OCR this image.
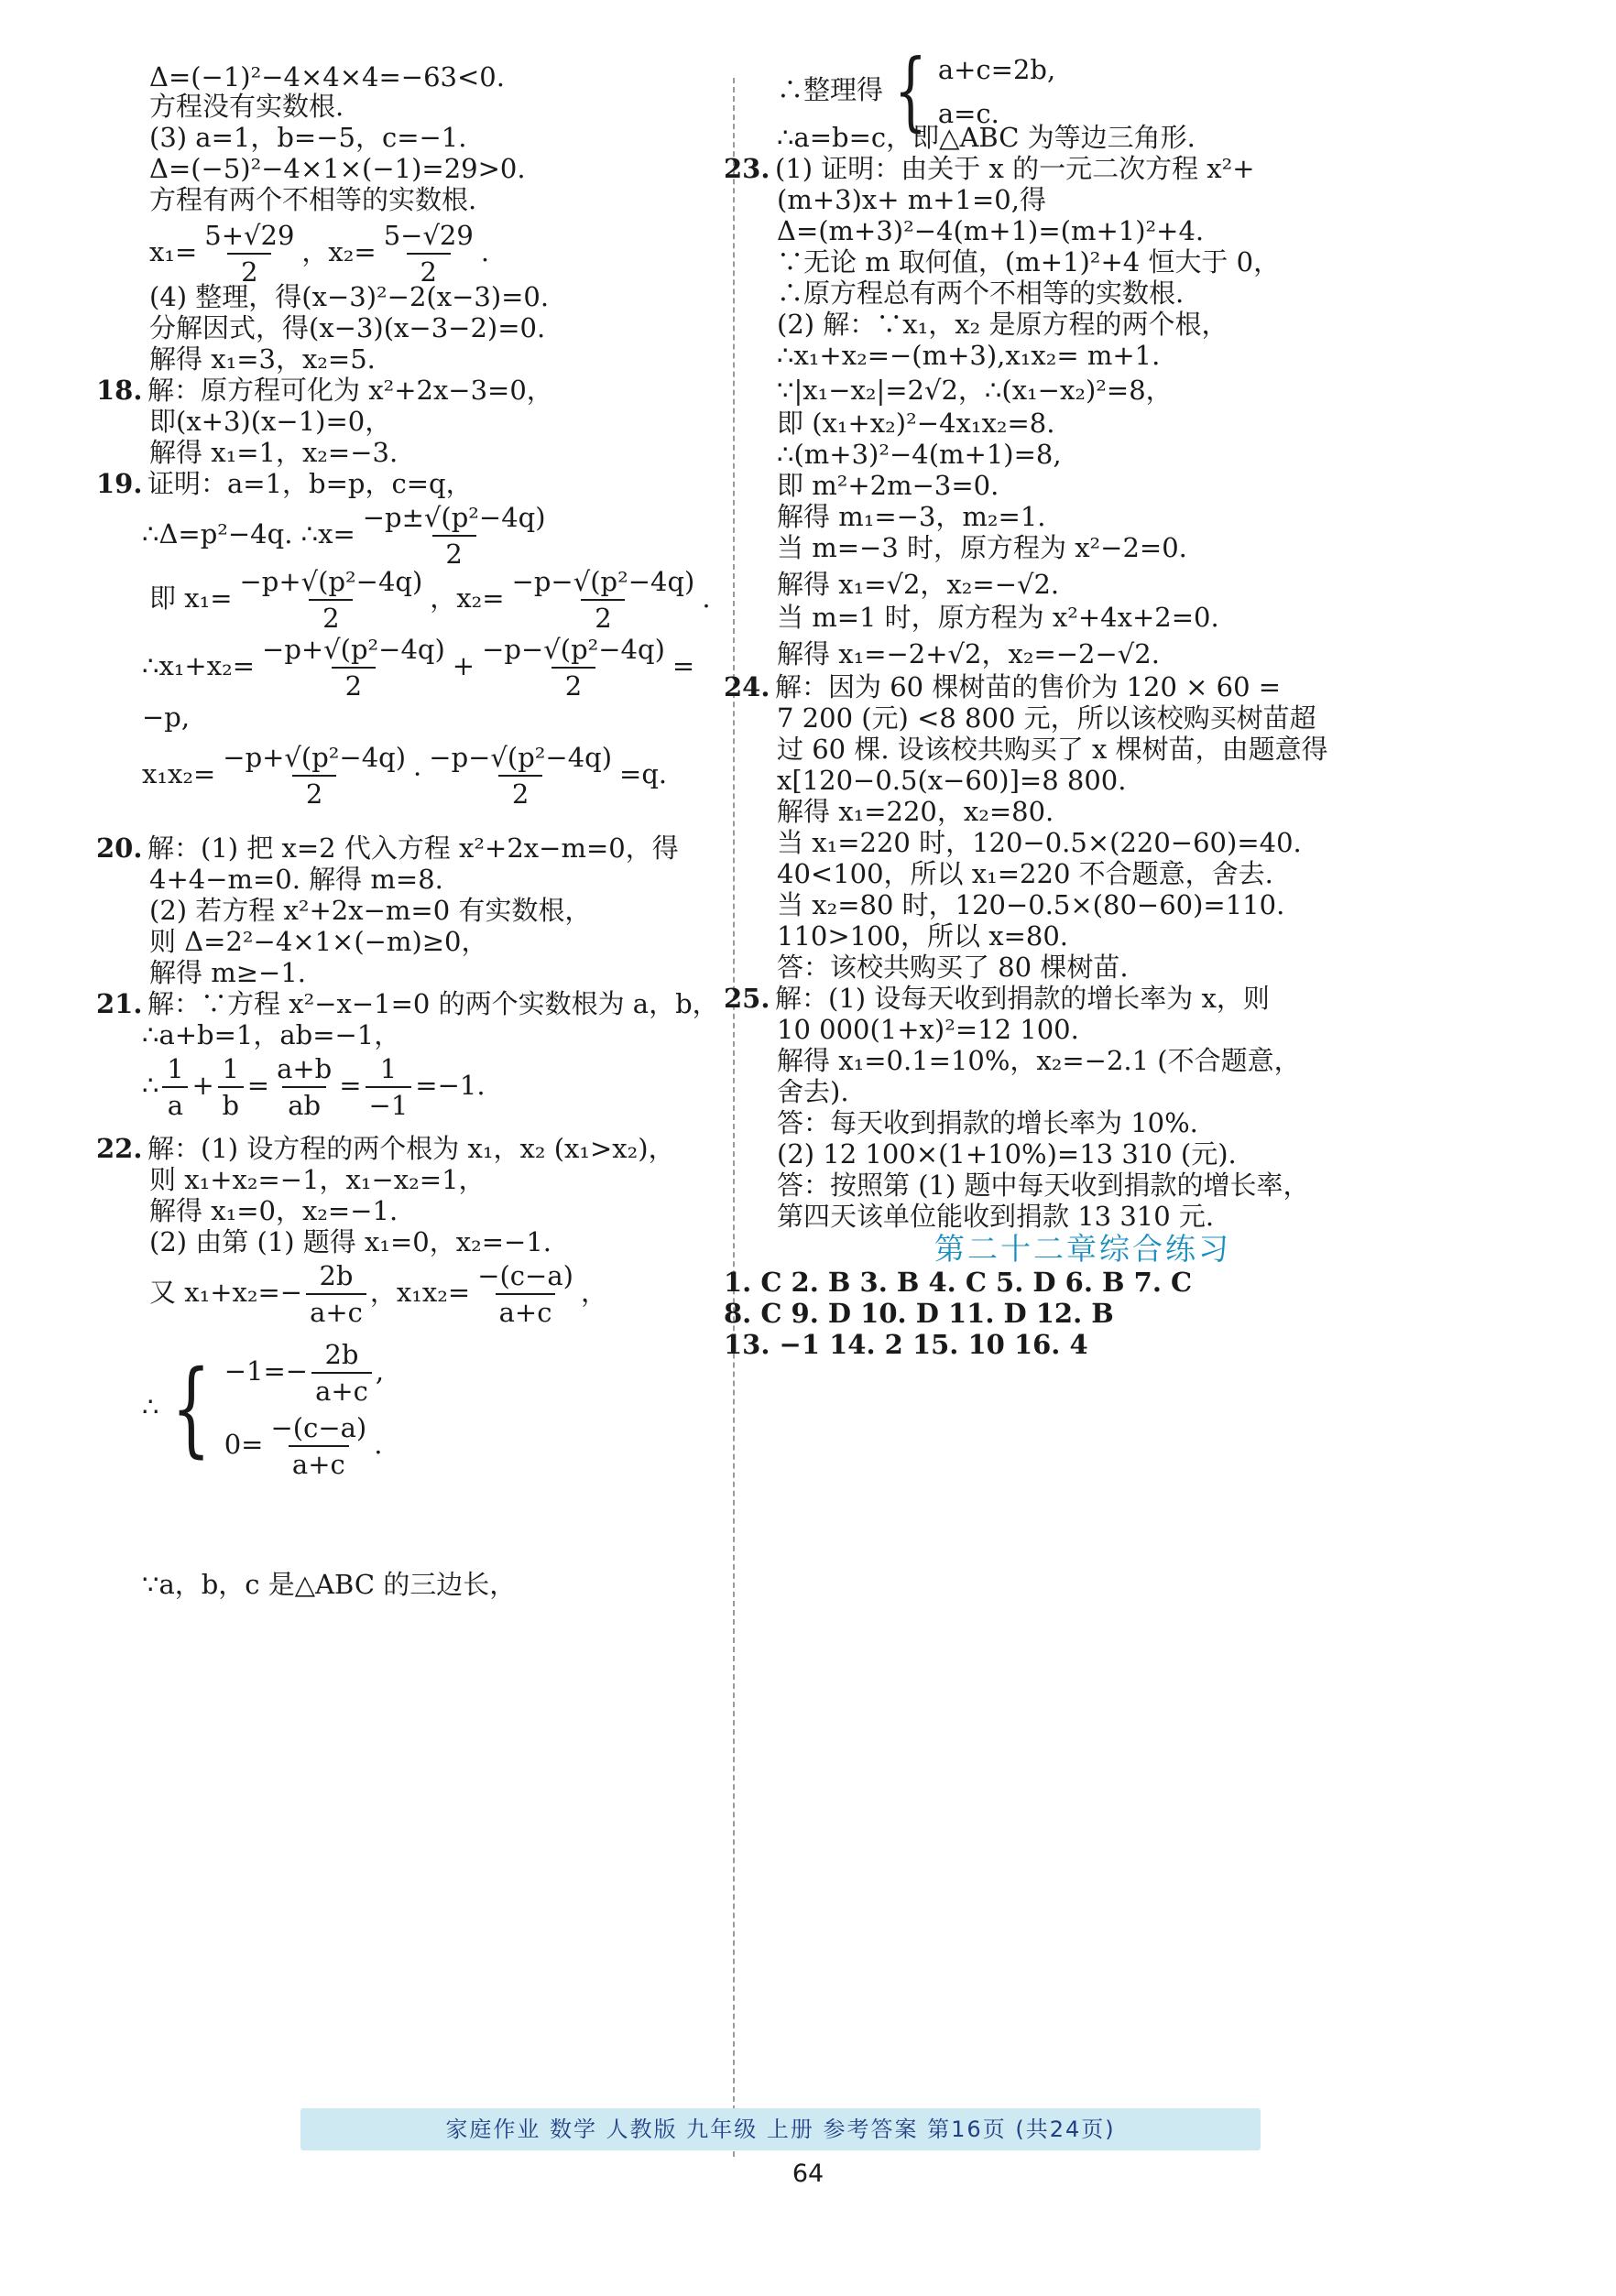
Δ=(−1)²−4×4×4=−63<0.
方程没有实数根.
(3) a=1，b=−5，c=−1.
Δ=(−5)²−4×1×(−1)=29>0.
方程有两个不相等的实数根.
$x_1= \frac{5+√29}{2}$ ，$x_2= \frac{5-√29}{2}$ .
(4) 整理，得(x−3)²−2(x−3)=0.
分解因式，得(x−3)(x−3−2)=0.
解得 x₁=3，x₂=5.
18. 解：原方程可化为 x²+2x−3=0，
即(x+3)(x−1)=0，
解得 x₁=1，x₂=−3.
19. 证明：a=1，b=p，c=q，
∴Δ=p²−4q. ∴x= $\frac{\text{−p±√(p²−4q)}}{2}$
即 $x_1= \frac{\text{−p+√(p²−4q)}}{2}$ ，$x_2= \frac{\text{−p−√(p²−4q)}}{2}$ .
∴x₁+x₂= $\frac{\text{−p+√(p²−4q)}}{2} + \frac{\text{−p−√(p²−4q)}}{2}$ =
−p,
$x_1x_2= \frac{\text{−p+√(p²−4q)}}{2} \cdot \frac{\text{−p−√(p²−4q)}}{2} =q$.
20. 解：(1) 把 x=2 代入方程 x²+2x−m=0，得
4+4−m=0. 解得 m=8.
(2) 若方程 x²+2x−m=0 有实数根，
则 Δ=2²−4×1×(−m)≥0，
解得 m≥−1.
21. 解：∵方程 x²−x−1=0 的两个实数根为 a，b，
∴a+b=1，ab=−1，
∴ $\frac{1}{a} + \frac{1}{b} = \frac{a+b}{ab} = \frac{1}{-1} =-1$.
22. 解：(1) 设方程的两个根为 x₁，x₂ (x₁>x₂)，
则 x₁+x₂=−1，x₁−x₂=1，
解得 x₁=0，x₂=−1.
(2) 由第 (1) 题得 x₁=0，x₂=−1.
又 $x_1+x_2=- \frac{2b}{a+c}$ ，$x_1x_2= \frac{-(c-a)}{a+c}$ ，
∴ { $-1=- \frac{2b}{a+c}$ ,
$0= \frac{-(c-a)}{a+c}$ .
∵a，b，c 是△ABC 的三边长，
∴整理得 { a+c=2b,
a=c.
∴a=b=c，即△ABC 为等边三角形.
23. (1) 证明：由关于 x 的一元二次方程 x²+
(m+3)x+ m+1=0,得
Δ=(m+3)²−4(m+1)=(m+1)²+4.
∵无论 m 取何值，(m+1)²+4 恒大于 0，
∴原方程总有两个不相等的实数根.
(2) 解：∵x₁，x₂ 是原方程的两个根，
∴x₁+x₂=−(m+3),x₁x₂= m+1.
∵|x₁−x₂|=2√2，∴(x₁−x₂)²=8，
即 (x₁+x₂)²−4x₁x₂=8.
∴(m+3)²−4(m+1)=8,
即 m²+2m−3=0.
解得 m₁=−3，m₂=1.
当 m=−3 时，原方程为 x²−2=0.
解得 x₁=√2，x₂=−√2.
当 m=1 时，原方程为 x²+4x+2=0.
解得 x₁=−2+√2，x₂=−2−√2.
24. 解：因为 60 棵树苗的售价为 120 × 60 =
7 200 (元) <8 800 元，所以该校购买树苗超
过 60 棵. 设该校共购买了 x 棵树苗，由题意得
x[120−0.5(x−60)]=8 800.
解得 x₁=220，x₂=80.
当 x₁=220 时，120−0.5×(220−60)=40.
40<100，所以 x₁=220 不合题意，舍去.
当 x₂=80 时，120−0.5×(80−60)=110.
110>100，所以 x=80.
答：该校共购买了 80 棵树苗.
25. 解：(1) 设每天收到捐款的增长率为 x，则
10 000(1+x)²=12 100.
解得 x₁=0.1=10%，x₂=−2.1 (不合题意，
舍去).
答：每天收到捐款的增长率为 10%.
(2) 12 100×(1+10%)=13 310 (元).
答：按照第 (1) 题中每天收到捐款的增长率，
第四天该单位能收到捐款 13 310 元.
第二十二章综合练习
1. C 2. B 3. B 4. C 5. D 6. B 7. C
8. C 9. D 10. D 11. D 12. B
13. −1 14. 2 15. 10 16. 4
家庭作业 数学 人教版 九年级 上册 参考答案 第16页 (共24页)
64
